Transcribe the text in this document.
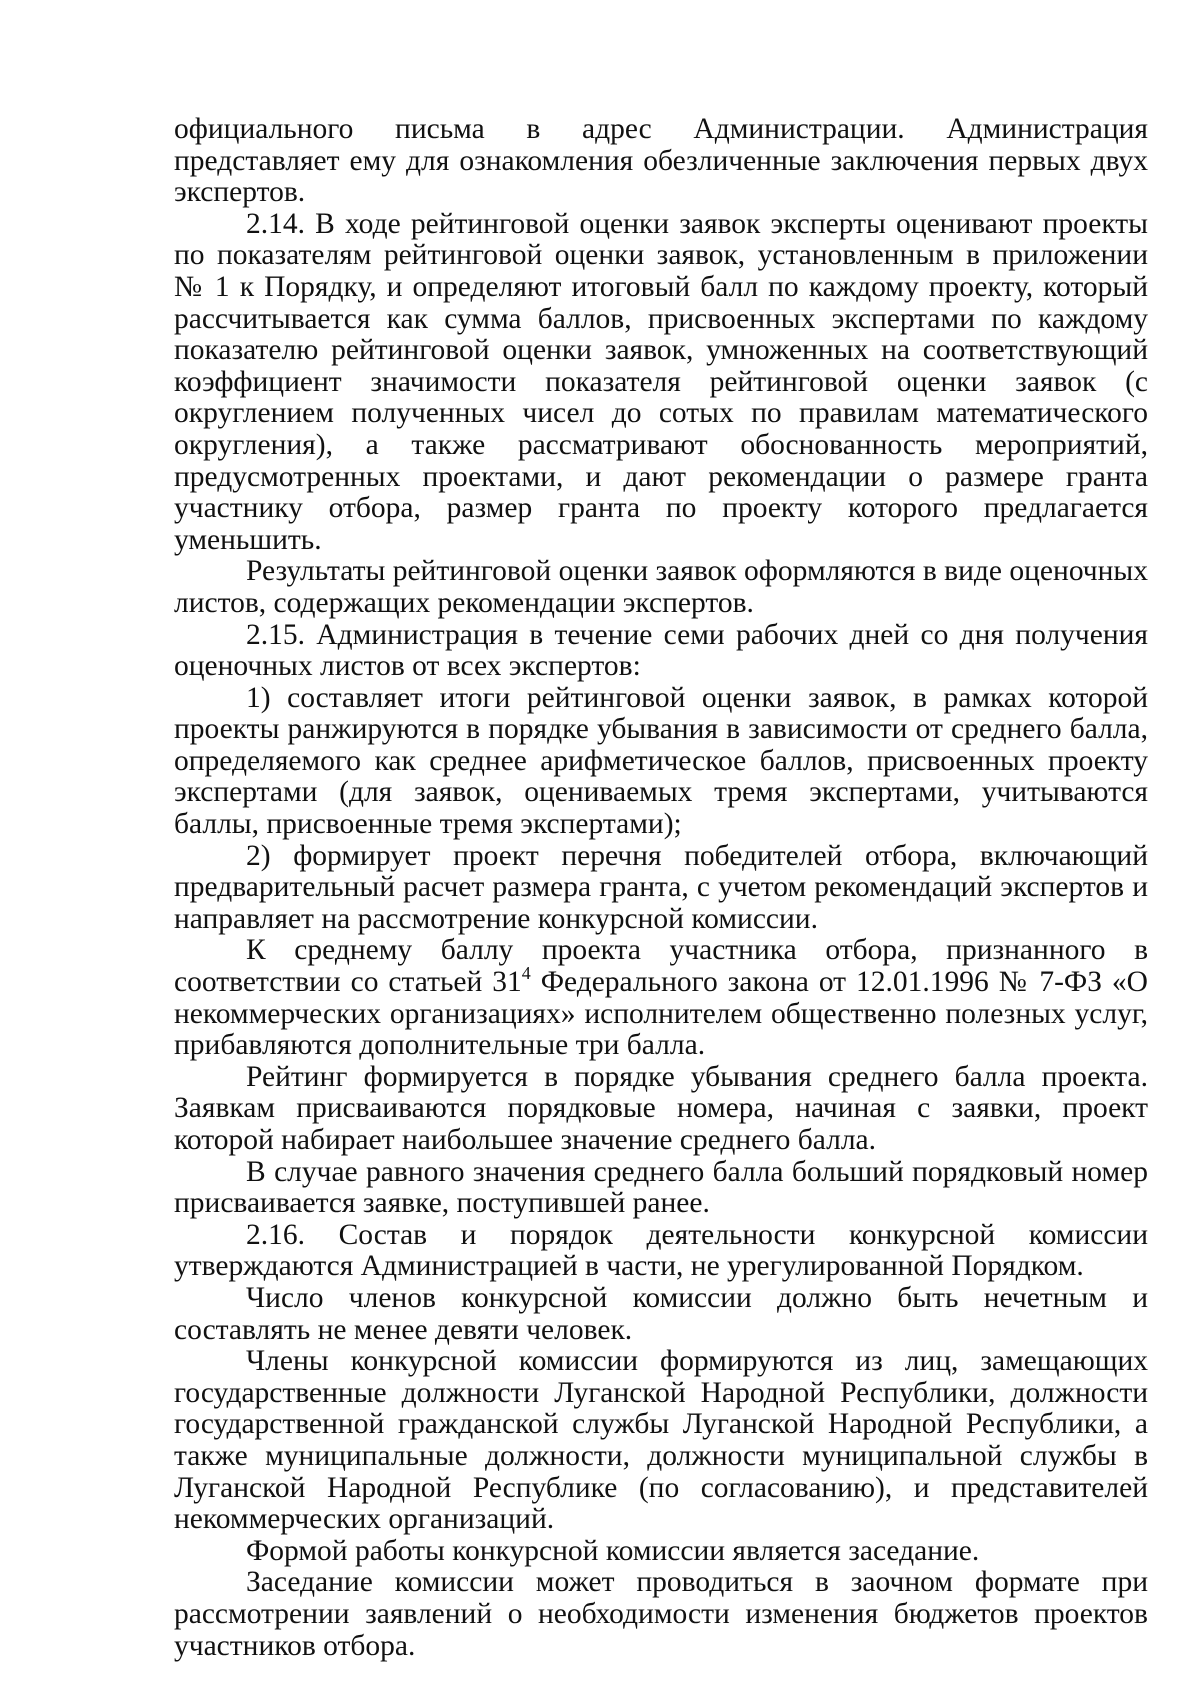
официального письма в адрес Администрации. Администрация представляет ему для ознакомления обезличенные заключения первых двух экспертов.

2.14. В ходе рейтинговой оценки заявок эксперты оценивают проекты по показателям рейтинговой оценки заявок, установленным в приложении № 1 к Порядку, и определяют итоговый балл по каждому проекту, который рассчитывается как сумма баллов, присвоенных экспертами по каждому показателю рейтинговой оценки заявок, умноженных на соответствующий коэффициент значимости показателя рейтинговой оценки заявок (с округлением полученных чисел до сотых по правилам математического округления), а также рассматривают обоснованность мероприятий, предусмотренных проектами, и дают рекомендации о размере гранта участнику отбора, размер гранта по проекту которого предлагается уменьшить.

Результаты рейтинговой оценки заявок оформляются в виде оценочных листов, содержащих рекомендации экспертов.

2.15. Администрация в течение семи рабочих дней со дня получения оценочных листов от всех экспертов:

1) составляет итоги рейтинговой оценки заявок, в рамках которой проекты ранжируются в порядке убывания в зависимости от среднего балла, определяемого как среднее арифметическое баллов, присвоенных проекту экспертами (для заявок, оцениваемых тремя экспертами, учитываются баллы, присвоенные тремя экспертами);

2) формирует проект перечня победителей отбора, включающий предварительный расчет размера гранта, с учетом рекомендаций экспертов и направляет на рассмотрение конкурсной комиссии.

К среднему баллу проекта участника отбора, признанного в соответствии со статьей $31^4$ Федерального закона от 12.01.1996 № 7-ФЗ «О некоммерческих организациях» исполнителем общественно полезных услуг, прибавляются дополнительные три балла.

Рейтинг формируется в порядке убывания среднего балла проекта. Заявкам присваиваются порядковые номера, начиная с заявки, проект которой набирает наибольшее значение среднего балла.

В случае равного значения среднего балла больший порядковый номер присваивается заявке, поступившей ранее.

2.16. Состав и порядок деятельности конкурсной комиссии утверждаются Администрацией в части, не урегулированной Порядком.

Число членов конкурсной комиссии должно быть нечетным и составлять не менее девяти человек.

Члены конкурсной комиссии формируются из лиц, замещающих государственные должности Луганской Народной Республики, должности государственной гражданской службы Луганской Народной Республики, а также муниципальные должности, должности муниципальной службы в Луганской Народной Республике (по согласованию), и представителей некоммерческих организаций.

Формой работы конкурсной комиссии является заседание.

Заседание комиссии может проводиться в заочном формате при рассмотрении заявлений о необходимости изменения бюджетов проектов участников отбора.
